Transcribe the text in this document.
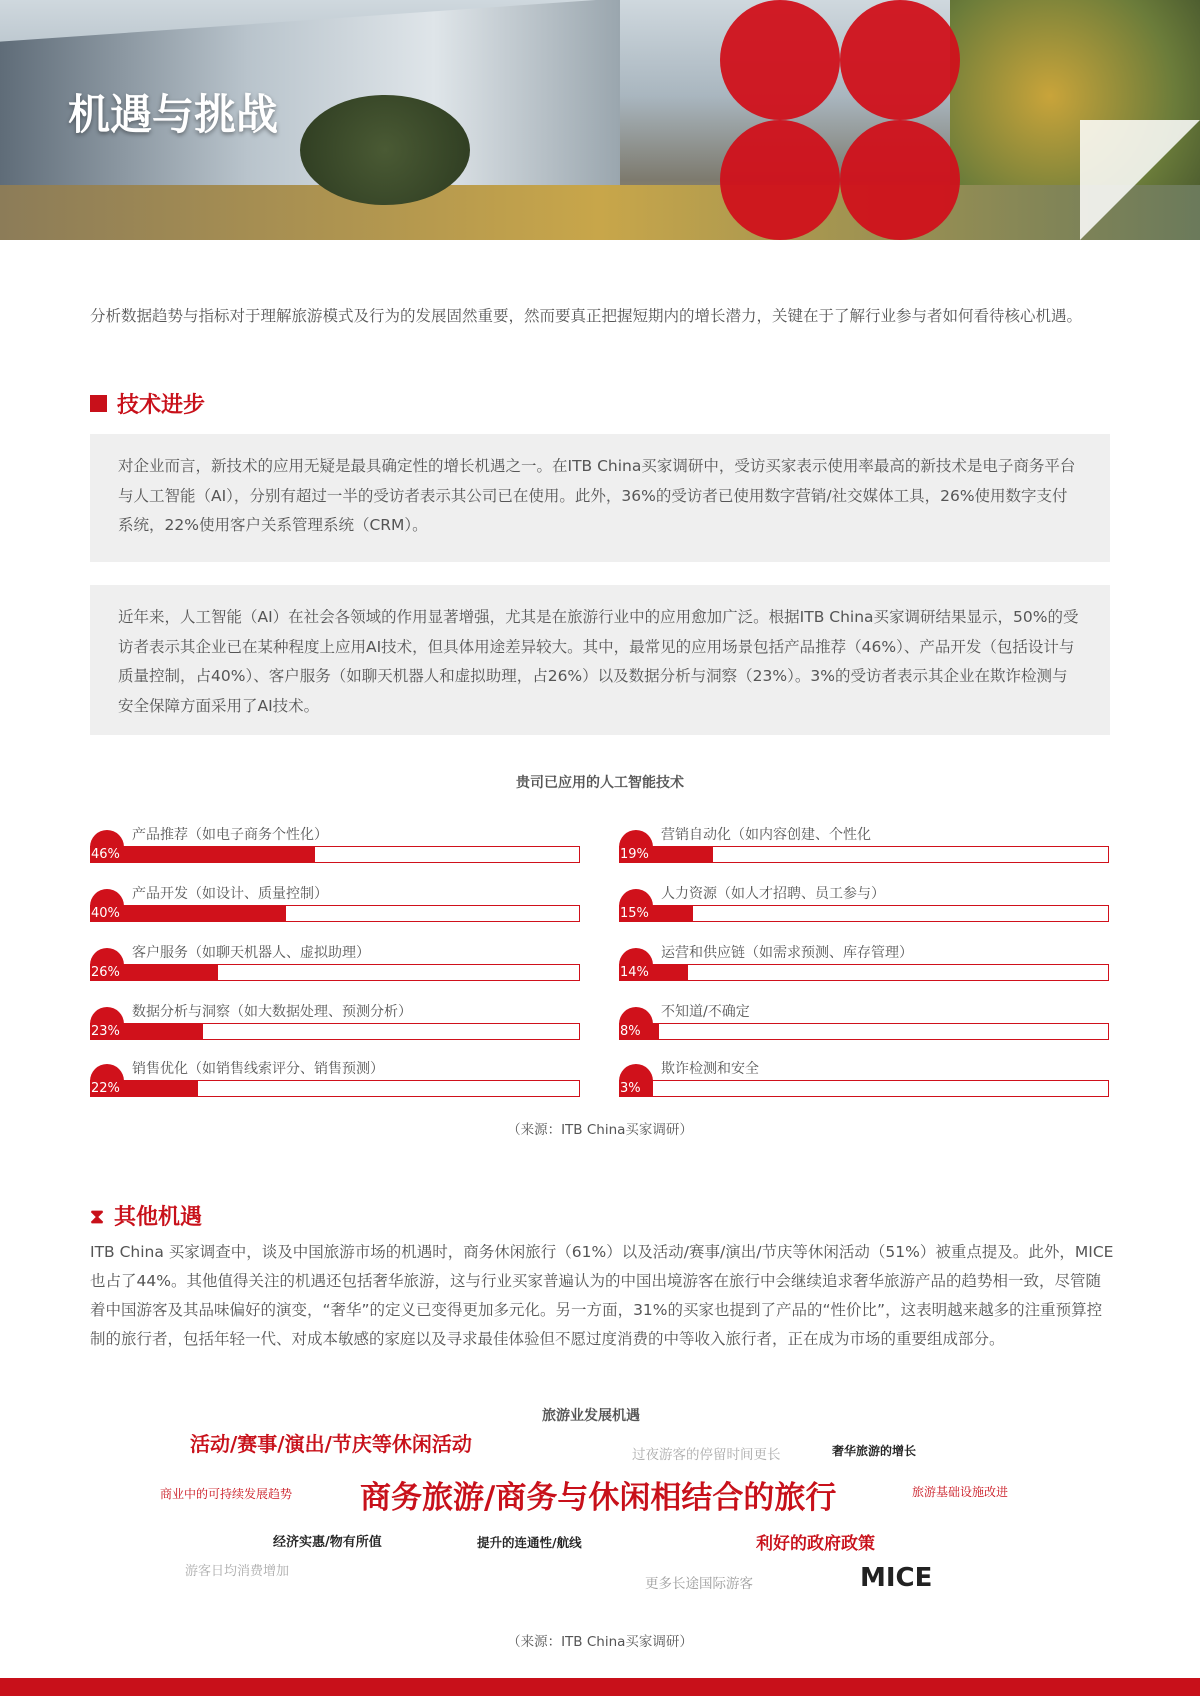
机遇与挑战

分析数据趋势与指标对于理解旅游模式及行为的发展固然重要，然而要真正把握短期内的增长潜力，关键在于了解行业参与者如何看待核心机遇。

技术进步
对企业而言，新技术的应用无疑是最具确定性的增长机遇之一。在ITB China买家调研中，受访买家表示使用率最高的新技术是电子商务平台与人工智能（AI），分别有超过一半的受访者表示其公司已在使用。此外，36%的受访者已使用数字营销/社交媒体工具，26%使用数字支付系统，22%使用客户关系管理系统（CRM）。
近年来，人工智能（AI）在社会各领域的作用显著增强，尤其是在旅游行业中的应用愈加广泛。根据ITB China买家调研结果显示，50%的受访者表示其企业已在某种程度上应用AI技术，但具体用途差异较大。其中，最常见的应用场景包括产品推荐（46%）、产品开发（包括设计与质量控制，占40%）、客户服务（如聊天机器人和虚拟助理，占26%）以及数据分析与洞察（23%）。3%的受访者表示其企业在欺诈检测与安全保障方面采用了AI技术。
贵司已应用的人工智能技术
产品推荐（如电子商务个性化）
46%
产品开发（如设计、质量控制）
40%
客户服务（如聊天机器人、虚拟助理）
26%
数据分析与洞察（如大数据处理、预测分析）
23%
销售优化（如销售线索评分、销售预测）
22%
营销自动化（如内容创建、个性化
19%
人力资源（如人才招聘、员工参与）
15%
运营和供应链（如需求预测、库存管理）
14%
不知道/不确定
8%
欺诈检测和安全
3%
（来源：ITB China买家调研）
⧗ 其他机遇

ITB China 买家调查中，谈及中国旅游市场的机遇时，商务休闲旅行（61%）以及活动/赛事/演出/节庆等休闲活动（51%）被重点提及。此外，MICE也占了44%。其他值得关注的机遇还包括奢华旅游，这与行业买家普遍认为的中国出境游客在旅行中会继续追求奢华旅游产品的趋势相一致，尽管随着中国游客及其品味偏好的演变，“奢华”的定义已变得更加多元化。另一方面，31%的买家也提到了产品的“性价比”，这表明越来越多的注重预算控制的旅行者，包括年轻一代、对成本敏感的家庭以及寻求最佳体验但不愿过度消费的中等收入旅行者，正在成为市场的重要组成部分。

旅游业发展机遇
活动/赛事/演出/节庆等休闲活动	过夜游客的停留时间更长	奢华旅游的增长
商业中的可持续发展趋势 商务旅游/商务与休闲相结合的旅行	旅游基础设施改进
经济实惠/物有所值	提升的连通性/航线	利好的政府政策
游客日均消费增加
更多长途国际游客	MICE
（来源：ITB China买家调研）
